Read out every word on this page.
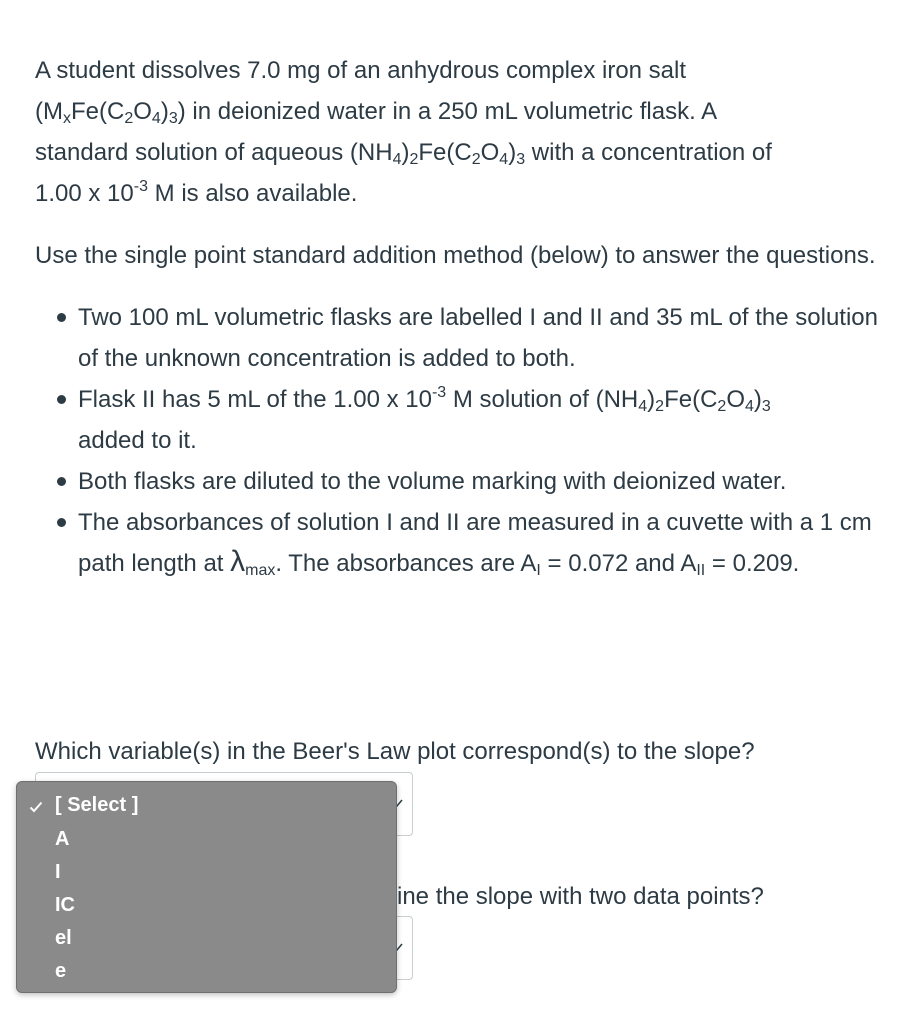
A student dissolves 7.0 mg of an anhydrous complex iron salt
$(M_xFe(C_2O_4)_3)$ in deionized water in a 250 mL volumetric flask. A
standard solution of aqueous $(NH_4)_2Fe(C_2O_4)_3$ with a concentration of
1.00 x $10^{-3}$ M is also available.

Use the single point standard addition method (below) to answer the questions.

Two 100 mL volumetric flasks are labelled I and II and 35 mL of the solution of the unknown concentration is added to both.
Flask II has 5 mL of the 1.00 x $10^{-3}$ M solution of $(NH_4)_2Fe(C_2O_4)_3$
added to it.
Both flasks are diluted to the volume marking with deionized water.
The absorbances of solution I and II are measured in a cuvette with a 1 cm path length at $\lambda_{max}$. The absorbances are $A_I = 0.072$ and $A_{II} = 0.209$.

Which variable(s) in the Beer's Law plot correspond(s) to the slope?

ine the slope with two data points?

[ Select ]
A
I
IC
el
e
